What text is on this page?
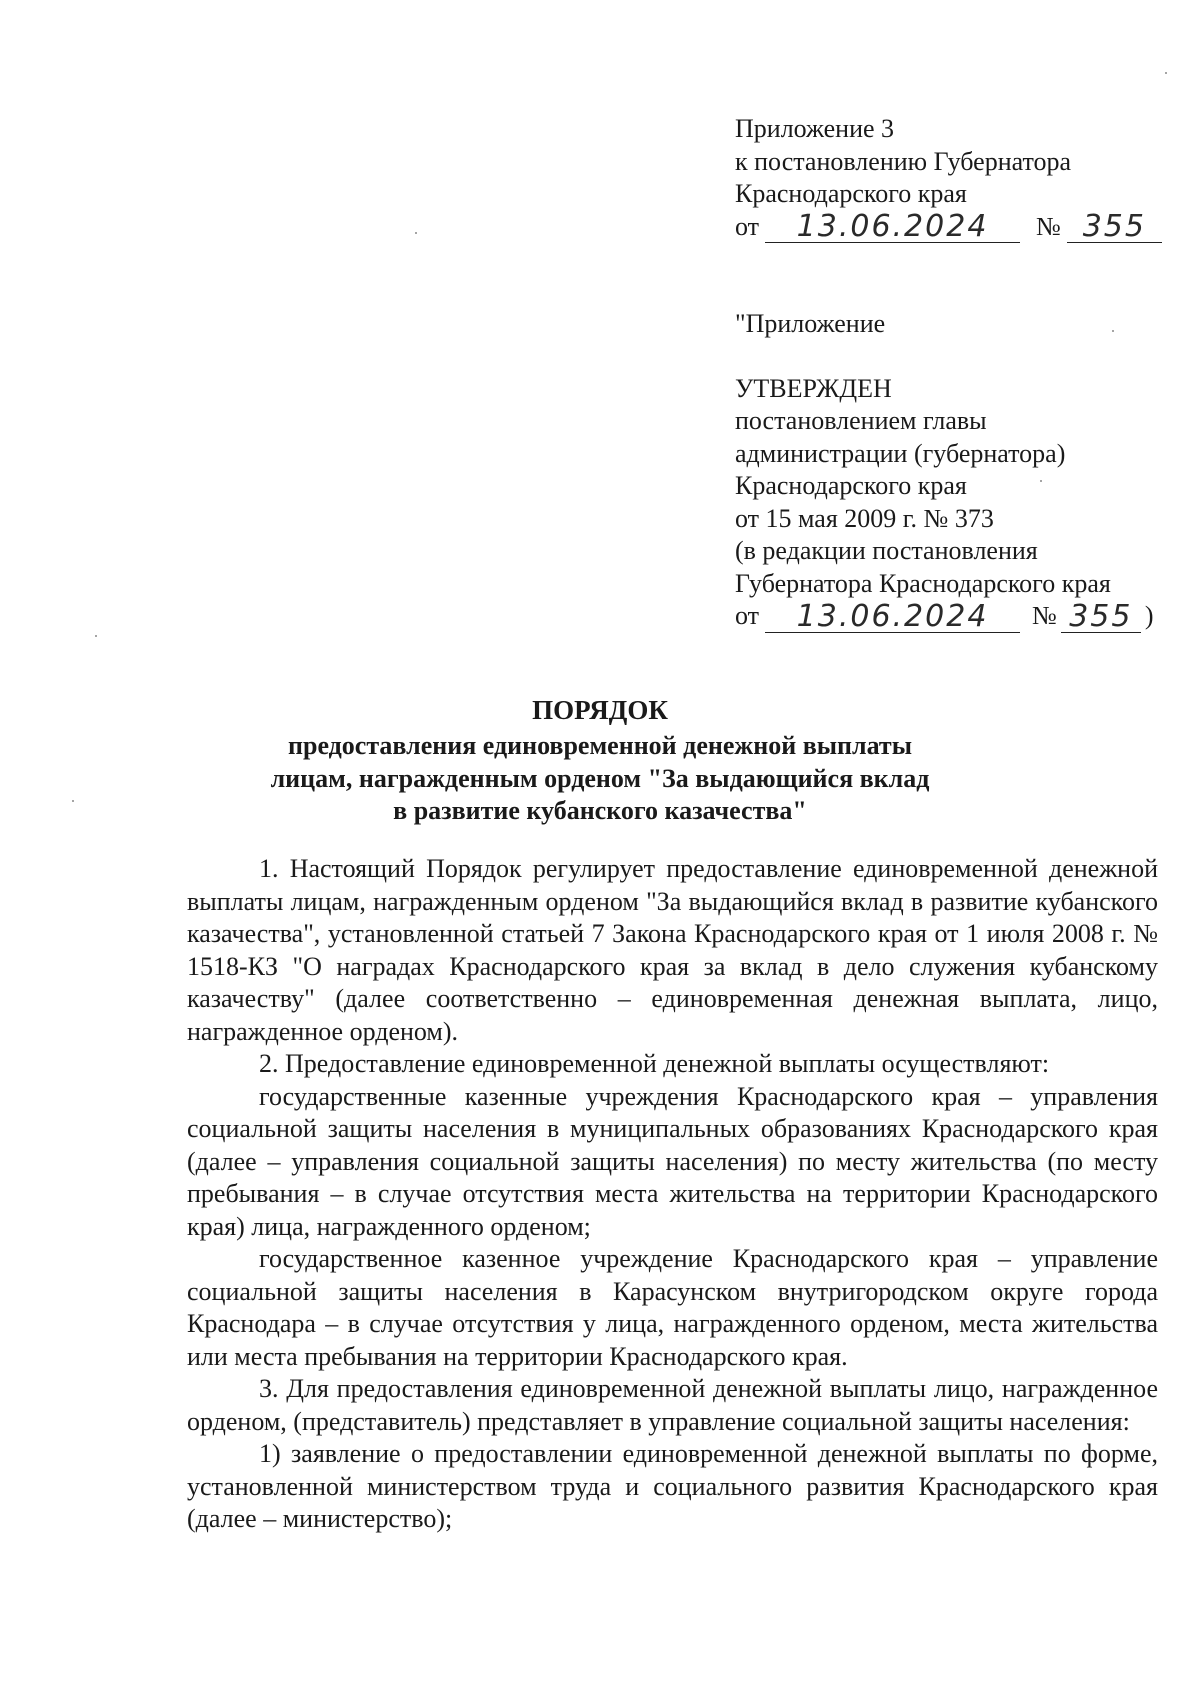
Приложение 3
к постановлению Губернатора
Краснодарского края
от	13.06.2024	№ 355
"Приложение
УТВЕРЖДЕН
постановлением главы
администрации (губернатора)
Краснодарского края
от 15 мая 2009 г. № 373
(в редакции постановления
Губернатора Краснодарского края
от	13.06.2024	№ 355 )
ПОРЯДОК
предоставления единовременной денежной выплаты
лицам, награжденным орденом "За выдающийся вклад
в развитие кубанского казачества"

1. Настоящий Порядок регулирует предоставление единовременной денежной выплаты лицам, награжденным орденом "За выдающийся вклад в развитие кубанского казачества", установленной статьей 7 Закона Краснодарского края от 1 июля 2008 г. № 1518-КЗ "О наградах Краснодарского края за вклад в дело служения кубанскому казачеству" (далее соответственно – единовременная денежная выплата, лицо, награжденное орденом).

2. Предоставление единовременной денежной выплаты осуществляют:

государственные казенные учреждения Краснодарского края – управления социальной защиты населения в муниципальных образованиях Краснодарского края (далее – управления социальной защиты населения) по месту жительства (по месту пребывания – в случае отсутствия места жительства на территории Краснодарского края) лица, награжденного орденом;

государственное казенное учреждение Краснодарского края – управление социальной защиты населения в Карасунском внутригородском округе города Краснодара – в случае отсутствия у лица, награжденного орденом, места жительства или места пребывания на территории Краснодарского края.

3. Для предоставления единовременной денежной выплаты лицо, награжденное орденом, (представитель) представляет в управление социальной защиты населения:

1) заявление о предоставлении единовременной денежной выплаты по форме, установленной министерством труда и социального развития Краснодарского края (далее – министерство);
